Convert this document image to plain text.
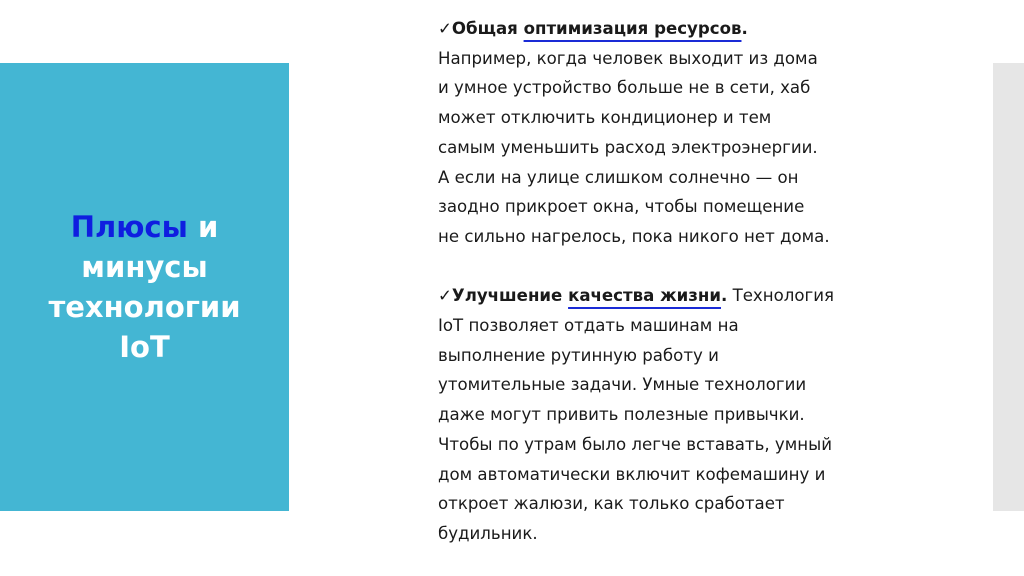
Плюсы и
минусы
технологии
IoT

✓Общая оптимизация ресурсов.
Например, когда человек выходит из дома
и умное устройство больше не в сети, хаб
может отключить кондиционер и тем
самым уменьшить расход электроэнергии.
А если на улице слишком солнечно — он
заодно прикроет окна, чтобы помещение
не сильно нагрелось, пока никого нет дома.

✓Улучшение качества жизни. Технология
IoT позволяет отдать машинам на
выполнение рутинную работу и
утомительные задачи. Умные технологии
даже могут привить полезные привычки.
Чтобы по утрам было легче вставать, умный
дом автоматически включит кофемашину и
откроет жалюзи, как только сработает
будильник.
